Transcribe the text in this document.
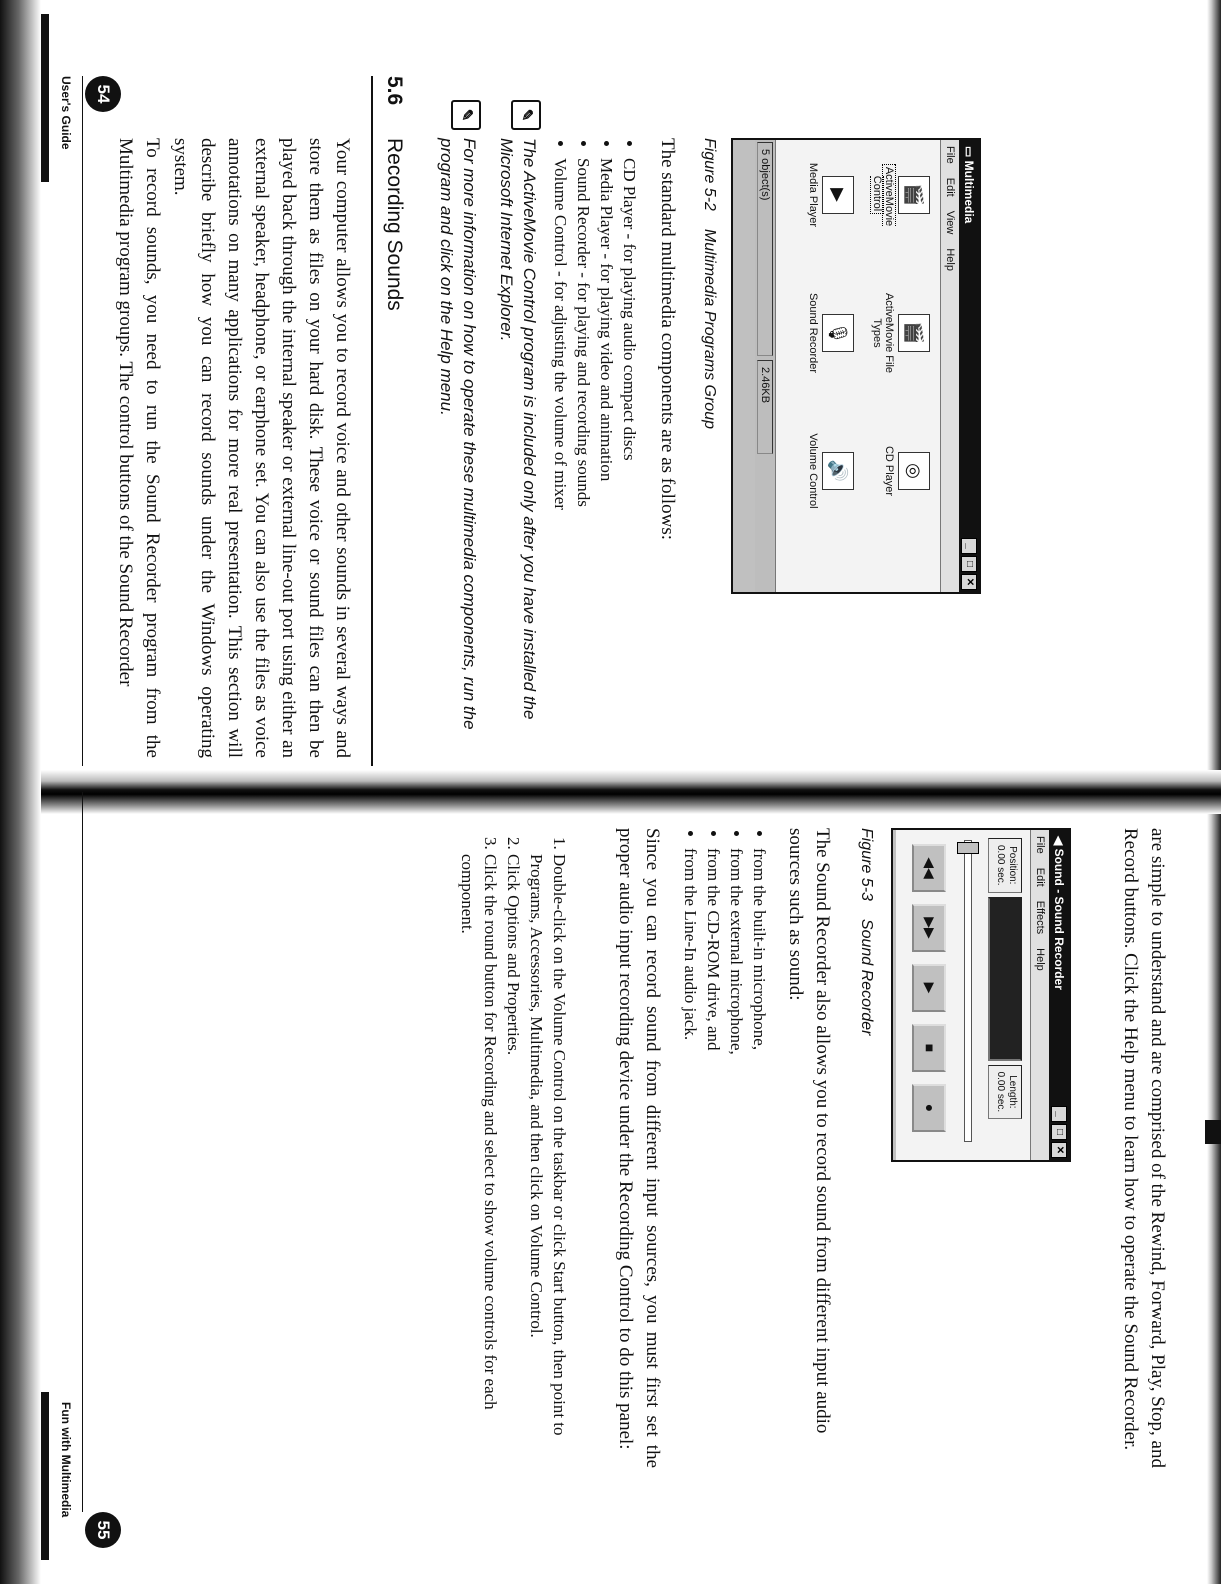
▭ Multimedia
_
□
✕
File
Edit
View
Help
🎬
ActiveMovie Control
🎬
ActiveMovie File Types
◎
CD Player
▶
Media Player
🎙
Sound Recorder
🔊
Volume Control
5 object(s)
2.46KB
Figure 5-2Multimedia Programs Group
The standard multimedia components are as follows:
• CD Player - for playing audio compact discs
• Media Player - for playing video and animation
• Sound Recorder - for playing and recording sounds
• Volume Control - for adjusting the volume of mixer
✎
The ActiveMovie Control program is included only after you have installed the Microsoft Internet Explorer.
✎
For more information on how to operate these multimedia components, run the program and click on the Help menu.
5.6
Recording Sounds
Your computer allows you to record voice and other sounds in several ways and store them as files on your hard disk. These voice or sound files can then be played back through the internal speaker or external line-out port using either an external speaker, headphone, or earphone set. You can also use the files as voice annotations on many applications for more real presentation. This section will describe briefly how you can record sounds under the Windows operating system.
To record sounds, you need to run the Sound Recorder program from the Multimedia program groups. The control buttons of the Sound Recorder
User's Guide	54
are simple to understand and are comprised of the Rewind, Forward, Play, Stop, and Record buttons. Click the Help menu to learn how to operate the Sound Recorder.
◀ Sound - Sound Recorder
_
□
✕
File
Edit
Effects
Help
Position:
0.00 sec.
Length:
0.00 sec.
◀◀
▶▶
▶
■
●
Figure 5-3Sound Recorder
The Sound Recorder also allows you to record sound from different input audio sources such as sound:
• from the built-in microphone,
• from the external microphone,
• from the CD-ROM drive, and
• from the Line-In audio jack.
Since you can record sound from different input sources, you must first set the proper audio input recording device under the Recording Control to do this panel:
1. Double-click on the Volume Control on the taskbar or click Start button, then point to Programs, Accessories, Multimedia, and then click on Volume Control.
2. Click Options and Properties.
3. Click the round button for Recording and select to show volume controls for each component.
Fun with Multimedia
55
